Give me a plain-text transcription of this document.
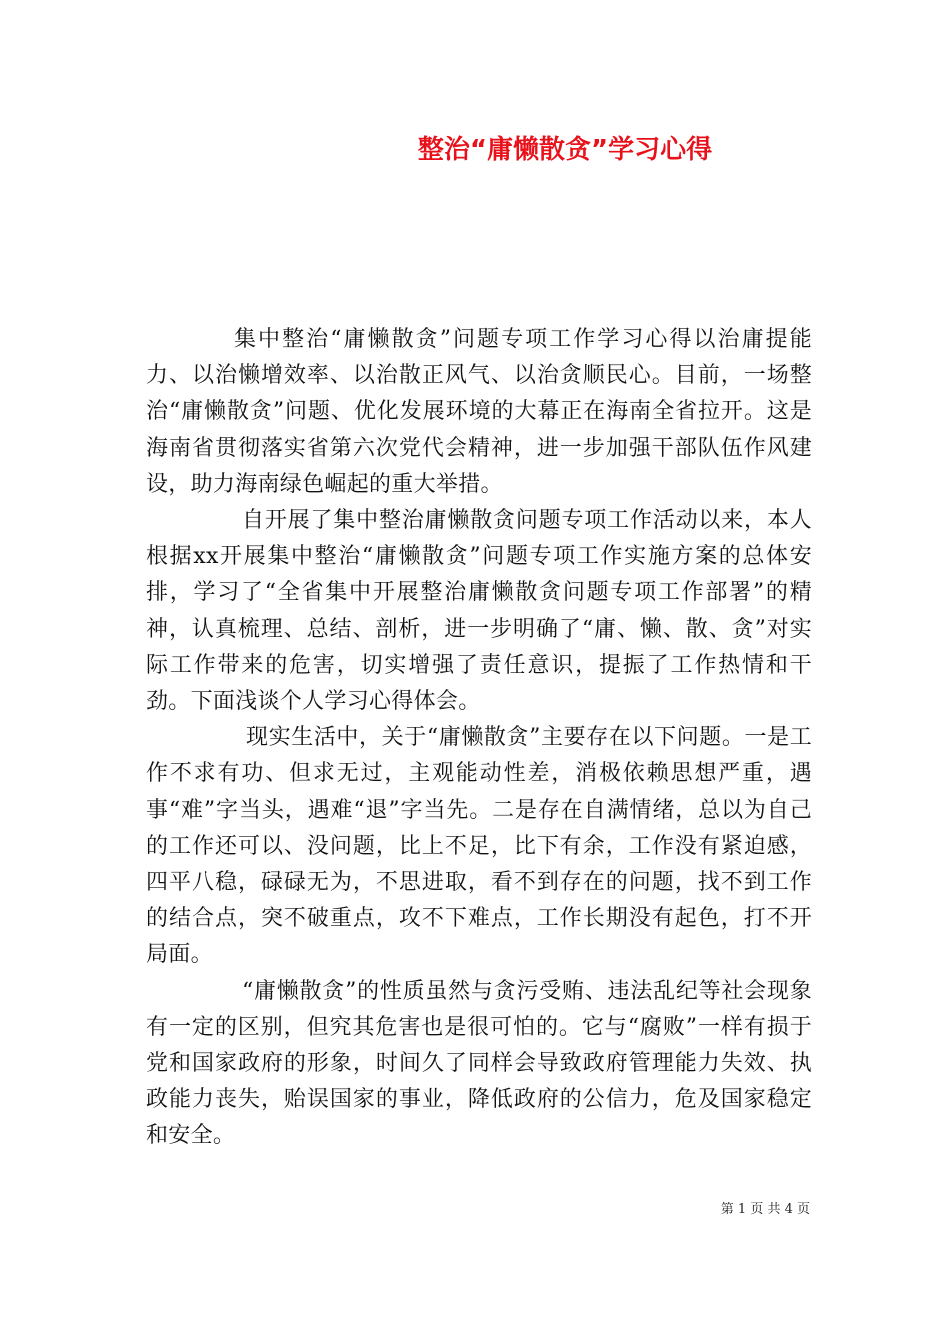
整治“庸懒散贪”学习心得

集中整治“庸懒散贪”问题专项工作学习心得以治庸提能力、以治懒增效率、以治散正风气、以治贪顺民心。目前，一场整治“庸懒散贪”问题、优化发展环境的大幕正在海南全省拉开。这是海南省贯彻落实省第六次党代会精神，进一步加强干部队伍作风建设，助力海南绿色崛起的重大举措。

自开展了集中整治庸懒散贪问题专项工作活动以来，本人根据xx开展集中整治“庸懒散贪”问题专项工作实施方案的总体安排，学习了“全省集中开展整治庸懒散贪问题专项工作部署”的精神，认真梳理、总结、剖析，进一步明确了“庸、懒、散、贪”对实际工作带来的危害，切实增强了责任意识，提振了工作热情和干劲。下面浅谈个人学习心得体会。

现实生活中，关于“庸懒散贪”主要存在以下问题。一是工作不求有功、但求无过，主观能动性差，消极依赖思想严重，遇事“难”字当头，遇难“退”字当先。二是存在自满情绪，总以为自己的工作还可以、没问题，比上不足，比下有余，工作没有紧迫感，四平八稳，碌碌无为，不思进取，看不到存在的问题，找不到工作的结合点，突不破重点，攻不下难点，工作长期没有起色，打不开局面。

“庸懒散贪”的性质虽然与贪污受贿、违法乱纪等社会现象有一定的区别，但究其危害也是很可怕的。它与“腐败”一样有损于党和国家政府的形象，时间久了同样会导致政府管理能力失效、执政能力丧失，贻误国家的事业，降低政府的公信力，危及国家稳定和安全。

第 1 页 共 4 页
